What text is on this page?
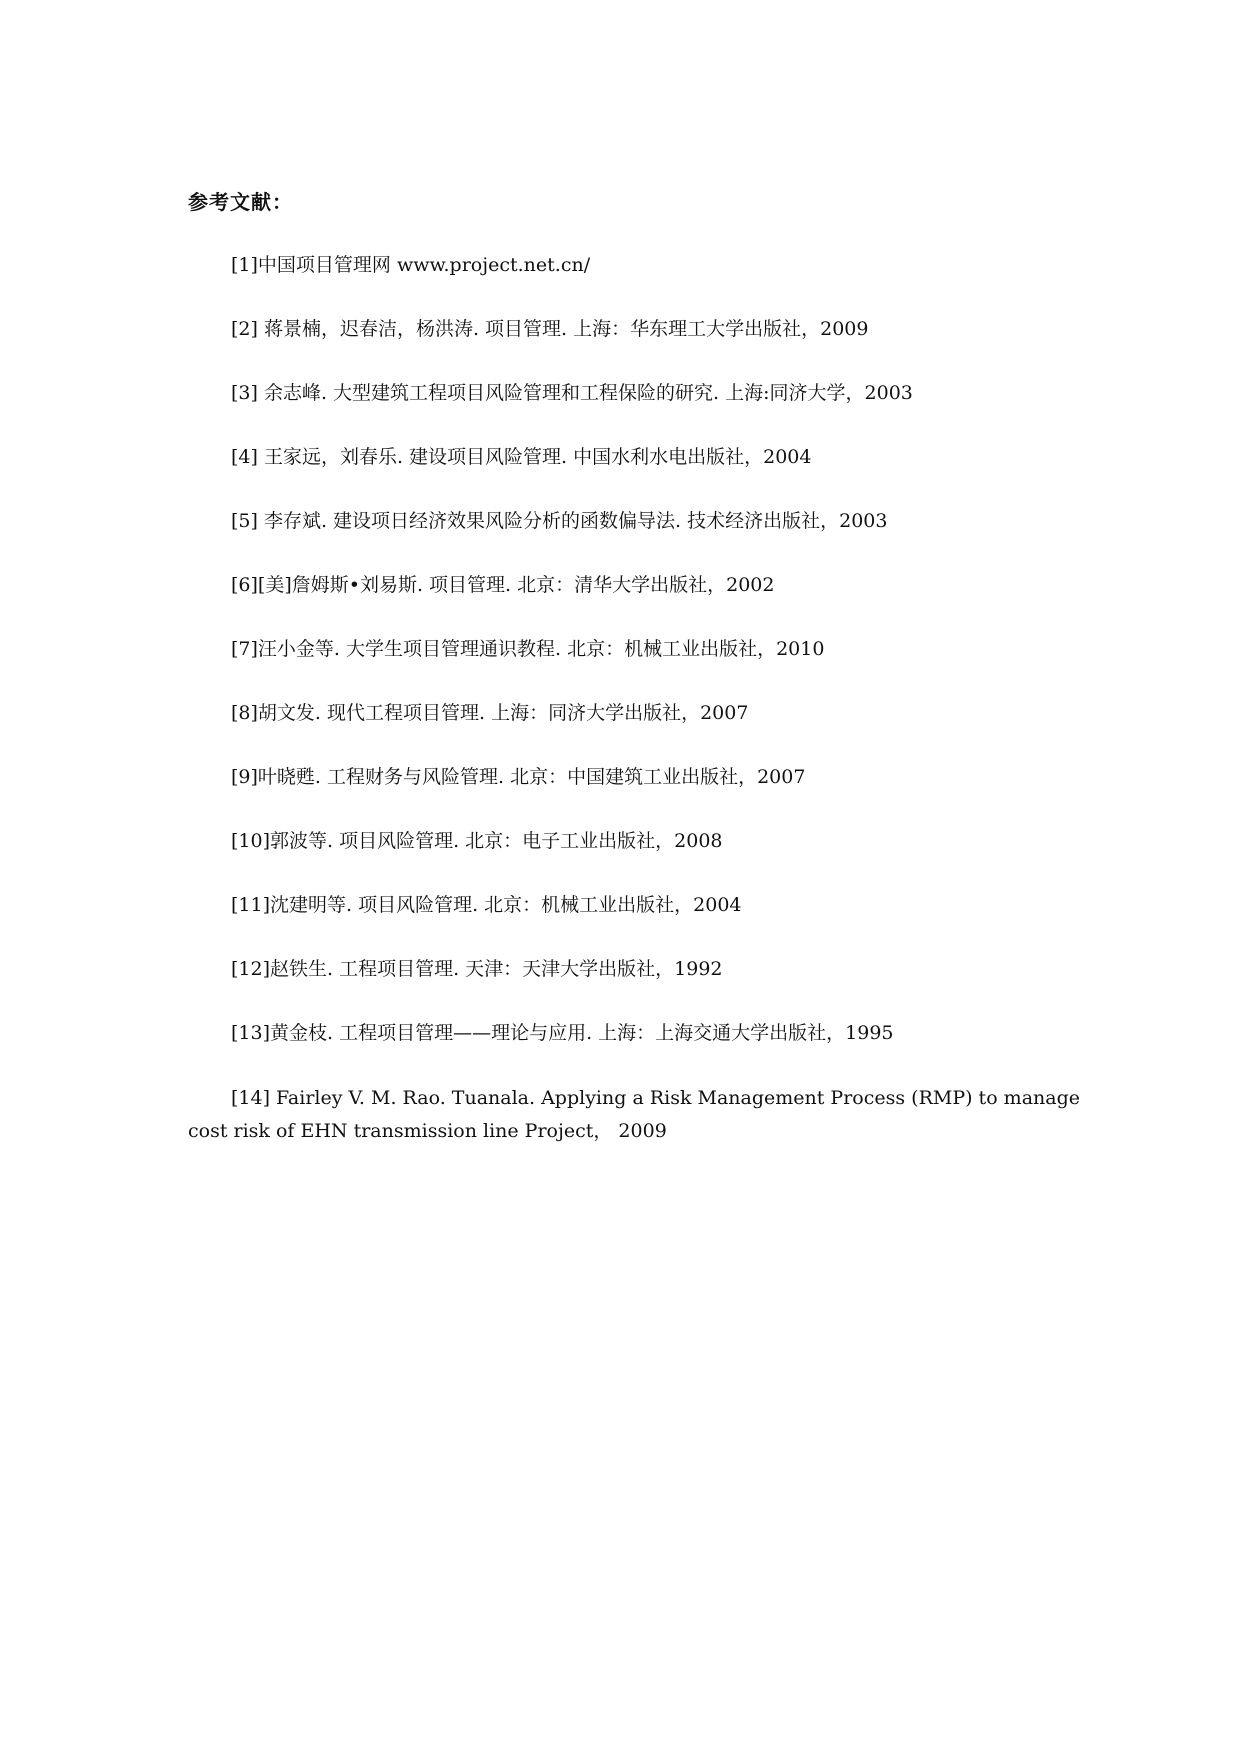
参考文献：
[1]中国项目管理网 www.project.net.cn/
[2] 蒋景楠，迟春洁，杨洪涛. 项目管理. 上海：华东理工大学出版社，2009
[3] 余志峰. 大型建筑工程项目风险管理和工程保险的研究. 上海:同济大学，2003
[4] 王家远，刘春乐. 建设项目风险管理. 中国水利水电出版社，2004
[5] 李存斌. 建设项日经济效果风险分析的函数偏导法. 技术经济出版社，2003
[6][美]詹姆斯•刘易斯. 项目管理. 北京：清华大学出版社，2002
[7]汪小金等. 大学生项目管理通识教程. 北京：机械工业出版社，2010
[8]胡文发. 现代工程项目管理. 上海：同济大学出版社，2007
[9]叶晓甦. 工程财务与风险管理. 北京：中国建筑工业出版社，2007
[10]郭波等. 项目风险管理. 北京：电子工业出版社，2008
[11]沈建明等. 项目风险管理. 北京：机械工业出版社，2004
[12]赵铁生. 工程项目管理. 天津：天津大学出版社，1992
[13]黄金枝. 工程项目管理——理论与应用. 上海：上海交通大学出版社，1995
[14] Fairley V. M. Rao. Tuanala. Applying a Risk Management Process (RMP) to manage
cost risk of EHN transmission line Project， 2009
